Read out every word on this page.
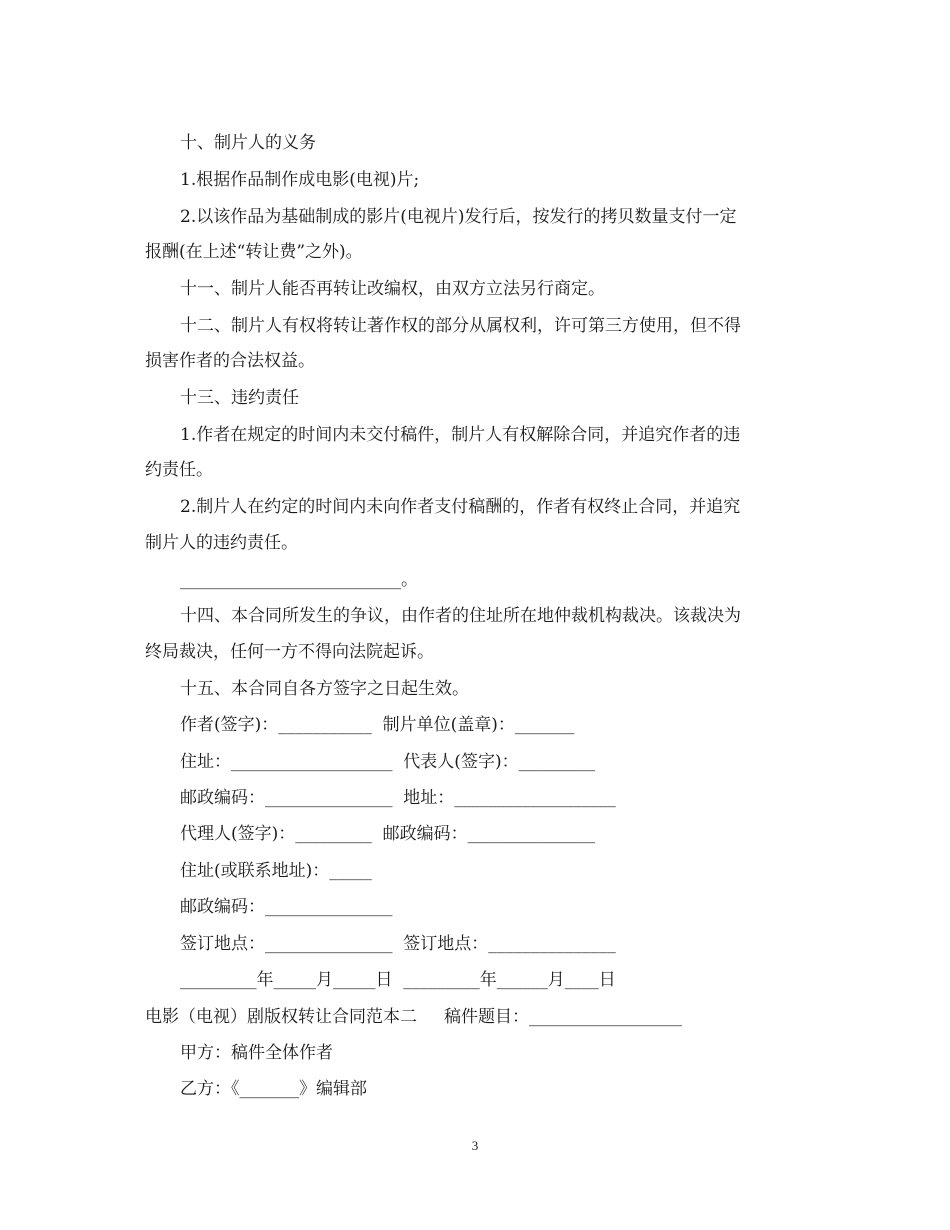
十、制片人的义务
1.根据作品制作成电影(电视)片;
2.以该作品为基础制成的影片(电视片)发行后，按发行的拷贝数量支付一定
报酬(在上述“转让费”之外)。
十一、制片人能否再转让改编权，由双方立法另行商定。
十二、制片人有权将转让著作权的部分从属权利，许可第三方使用，但不得
损害作者的合法权益。
十三、违约责任
1.作者在规定的时间内未交付稿件，制片人有权解除合同，并追究作者的违
约责任。
2.制片人在约定的时间内未向作者支付稿酬的，作者有权终止合同，并追究
制片人的违约责任。
__________________________。
十四、本合同所发生的争议，由作者的住址所在地仲裁机构裁决。该裁决为
终局裁决，任何一方不得向法院起诉。
十五、本合同自各方签字之日起生效。
作者(签字)：___________  制片单位(盖章)：_______
住址：___________________  代表人(签字)：_________
邮政编码：_______________  地址：___________________
代理人(签字)：_________  邮政编码：_______________
住址(或联系地址)：_____
邮政编码：_______________
签订地点：_______________  签订地点：_______________
_________年_____月_____日  _________年______月____日
电影（电视）剧版权转让合同范本二     稿件题目：__________________
甲方：稿件全体作者
乙方：《_______》编辑部
3
